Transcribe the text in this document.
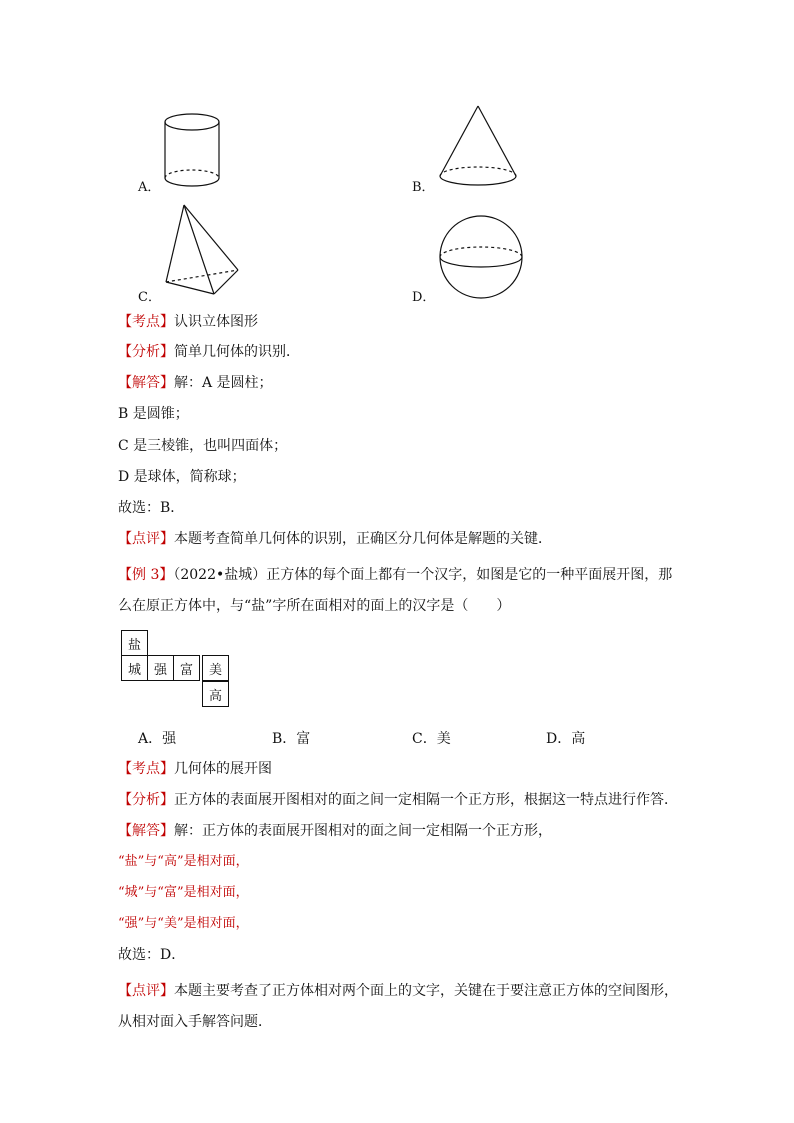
A．	B．
C．	D．
【考点】认识立体图形
【分析】简单几何体的识别．
【解答】解：A 是圆柱；
B 是圆锥；
C 是三棱锥，也叫四面体；
D 是球体，简称球；
故选：B．
【点评】本题考查简单几何体的识别，正确区分几何体是解题的关键．
【例 3】（2022•盐城）正方体的每个面上都有一个汉字，如图是它的一种平面展开图，那么在原正方体中，与“盐”字所在面相对的面上的汉字是（　　）
盐
城 强 富	美
高
A．强	B．富	C．美	D．高
【考点】几何体的展开图
【分析】正方体的表面展开图相对的面之间一定相隔一个正方形，根据这一特点进行作答．
【解答】解：正方体的表面展开图相对的面之间一定相隔一个正方形，
“盐”与“高”是相对面，
“城”与“富”是相对面，
“强”与“美”是相对面，
故选：D．
【点评】本题主要考查了正方体相对两个面上的文字，关键在于要注意正方体的空间图形，从相对面入手解答问题．
